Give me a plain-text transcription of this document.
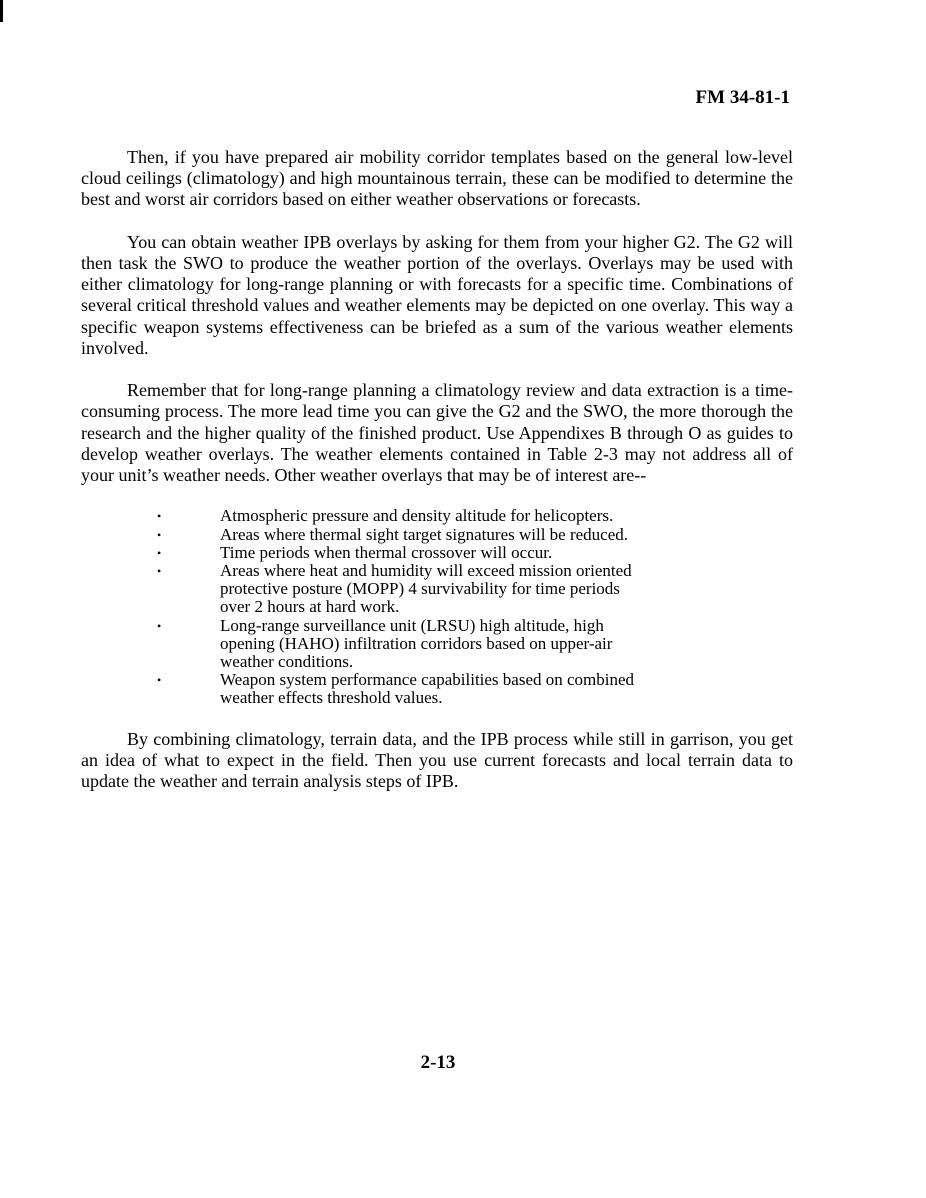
FM 34-81-1

Then, if you have prepared air mobility corridor templates based on the general low-level cloud ceilings (climatology) and high mountainous terrain, these can be modified to determine the best and worst air corridors based on either weather observations or forecasts.

You can obtain weather IPB overlays by asking for them from your higher G2. The G2 will then task the SWO to produce the weather portion of the overlays. Overlays may be used with either climatology for long-range planning or with forecasts for a specific time. Combinations of several critical threshold values and weather elements may be depicted on one overlay. This way a specific weapon systems effectiveness can be briefed as a sum of the various weather elements involved.

Remember that for long-range planning a climatology review and data extraction is a time-consuming process. The more lead time you can give the G2 and the SWO, the more thorough the research and the higher quality of the finished product. Use Appendixes B through O as guides to develop weather overlays. The weather elements contained in Table 2-3 may not address all of your unit’s weather needs. Other weather overlays that may be of interest are--

•	Atmospheric pressure and density altitude for helicopters.
•	Areas where thermal sight target signatures will be reduced.
•	Time periods when thermal crossover will occur.
•	Areas where heat and humidity will exceed mission oriented protective posture (MOPP) 4 survivability for time periods over 2 hours at hard work.
•	Long-range surveillance unit (LRSU) high altitude, high opening (HAHO) infiltration corridors based on upper-air weather conditions.
•	Weapon system performance capabilities based on combined weather effects threshold values.

By combining climatology, terrain data, and the IPB process while still in garrison, you get an idea of what to expect in the field. Then you use current forecasts and local terrain data to update the weather and terrain analysis steps of IPB.

2-13
